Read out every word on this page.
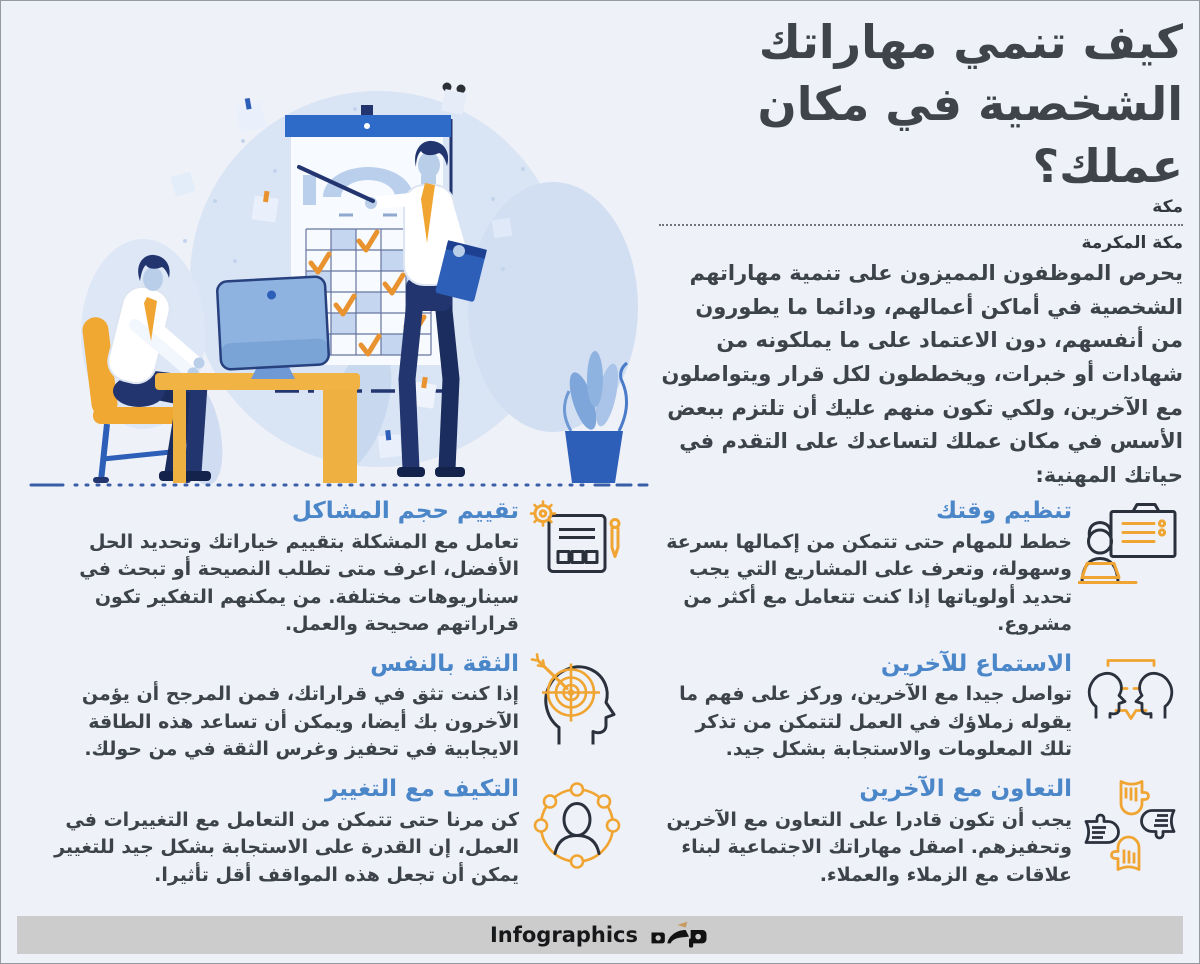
كيف تنمي مهاراتك الشخصية في مكان عملك؟
مكة
مكة المكرمة

يحرص الموظفون المميزون على تنمية مهاراتهم الشخصية في أماكن أعمالهم، ودائما ما يطورون من أنفسهم، دون الاعتماد على ما يملكونه من شهادات أو خبرات، ويخططون لكل قرار ويتواصلون مع الآخرين، ولكي تكون منهم عليك أن تلتزم ببعض الأسس في مكان عملك لتساعدك على التقدم في حياتك المهنية:

تنظيم وقتك
خطط للمهام حتى تتمكن من إكمالها بسرعة وسهولة، وتعرف على المشاريع التي يجب تحديد أولوياتها إذا كنت تتعامل مع أكثر من مشروع.
الاستماع للآخرين
تواصل جيدا مع الآخرين، وركز على فهم ما يقوله زملاؤك في العمل لتتمكن من تذكر تلك المعلومات والاستجابة بشكل جيد.
التعاون مع الآخرين
يجب أن تكون قادرا على التعاون مع الآخرين وتحفيزهم. اصقل مهاراتك الاجتماعية لبناء علاقات مع الزملاء والعملاء.
تقييم حجم المشاكل
تعامل مع المشكلة بتقييم خياراتك وتحديد الحل الأفضل، اعرف متى تطلب النصيحة أو تبحث في سيناريوهات مختلفة. من يمكنهم التفكير تكون قراراتهم صحيحة والعمل.
الثقة بالنفس
إذا كنت تثق في قراراتك، فمن المرجح أن يؤمن الآخرون بك أيضا، ويمكن أن تساعد هذه الطاقة الايجابية في تحفيز وغرس الثقة في من حولك.
التكيف مع التغيير
كن مرنا حتى تتمكن من التعامل مع التغييرات في العمل، إن القدرة على الاستجابة بشكل جيد للتغيير يمكن أن تجعل هذه المواقف أقل تأثيرا.
Infographics
